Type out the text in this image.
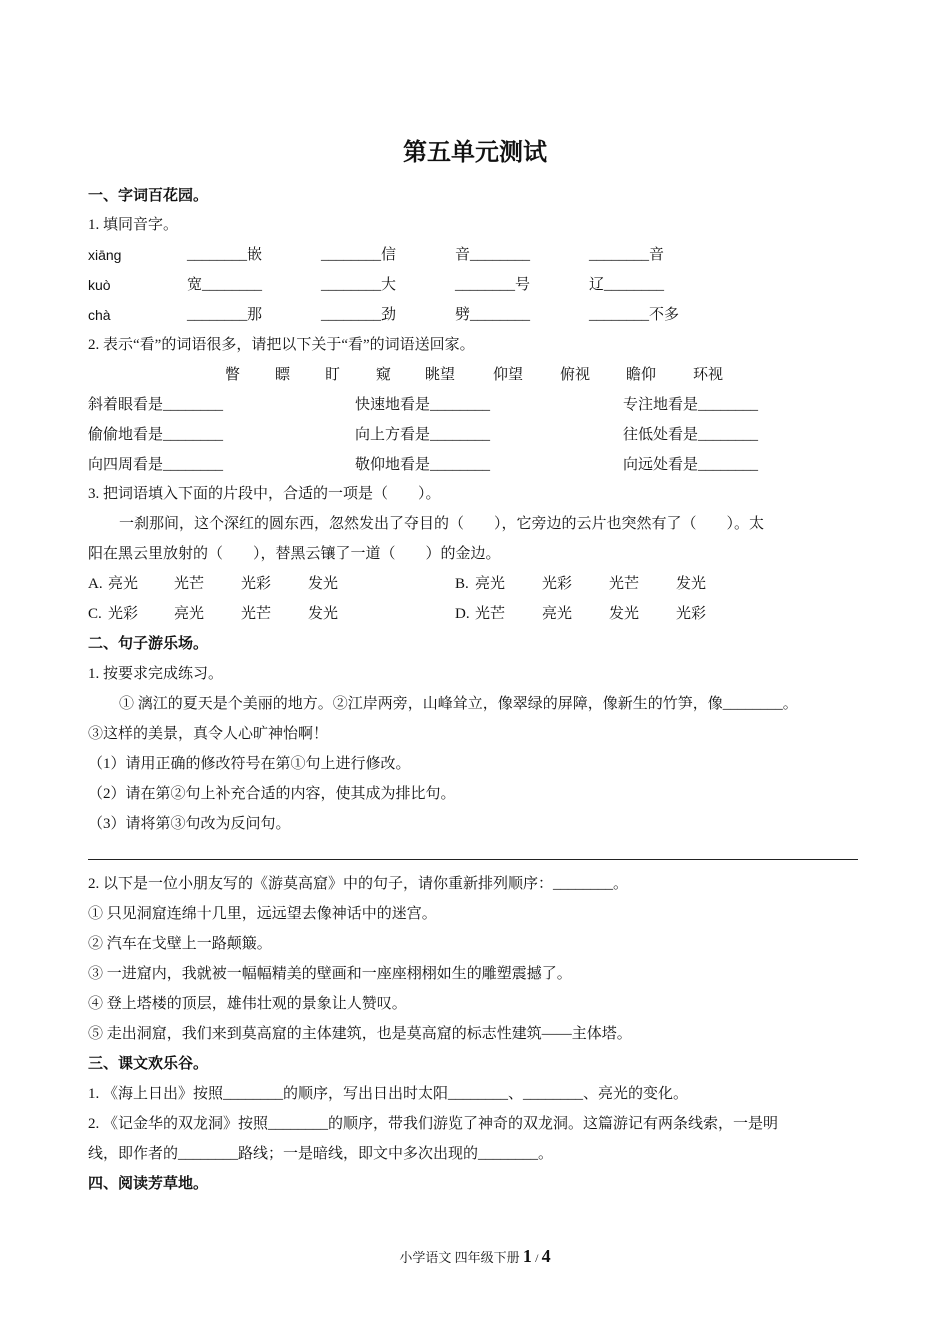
第五单元测试
一、字词百花园。
1. 填同音字。
xiāng	________嵌	________信	音________	________音
kuò	宽________	________大	________号	辽________
chà	________那	________劲	劈________	________不多
2. 表示“看”的词语很多，请把以下关于“看”的词语送回家。
瞥 瞟 盯 窥 眺望	仰望 俯视 瞻仰 环视
斜着眼看是________	快速地看是________	专注地看是________
偷偷地看是________	向上方看是________	往低处看是________
向四周看是________	敬仰地看是________	向远处看是________
3. 把词语填入下面的片段中，合适的一项是（　　）。
一刹那间，这个深红的圆东西，忽然发出了夺目的（　　），它旁边的云片也突然有了（　　）。太
阳在黑云里放射的（　　），替黑云镶了一道（　　）的金边。
A. 亮光 光芒 光彩 发光	B. 亮光 光彩 光芒 发光
C. 光彩 亮光 光芒 发光	D. 光芒 亮光 发光 光彩
二、句子游乐场。
1. 按要求完成练习。
① 漓江的夏天是个美丽的地方。②江岸两旁，山峰耸立，像翠绿的屏障，像新生的竹笋，像________。
③这样的美景，真令人心旷神怡啊！
（1）请用正确的修改符号在第①句上进行修改。
（2）请在第②句上补充合适的内容，使其成为排比句。
（3）请将第③句改为反问句。
2. 以下是一位小朋友写的《游莫高窟》中的句子，请你重新排列顺序：________。
① 只见洞窟连绵十几里，远远望去像神话中的迷宫。
② 汽车在戈壁上一路颠簸。
③ 一进窟内，我就被一幅幅精美的壁画和一座座栩栩如生的雕塑震撼了。
④ 登上塔楼的顶层，雄伟壮观的景象让人赞叹。
⑤ 走出洞窟，我们来到莫高窟的主体建筑，也是莫高窟的标志性建筑——主体塔。
三、课文欢乐谷。
1. 《海上日出》按照________的顺序，写出日出时太阳________、________、亮光的变化。
2. 《记金华的双龙洞》按照________的顺序，带我们游览了神奇的双龙洞。这篇游记有两条线索，一是明
线，即作者的________路线；一是暗线，即文中多次出现的________。
四、阅读芳草地。
小学语文 四年级下册 1 / 4
